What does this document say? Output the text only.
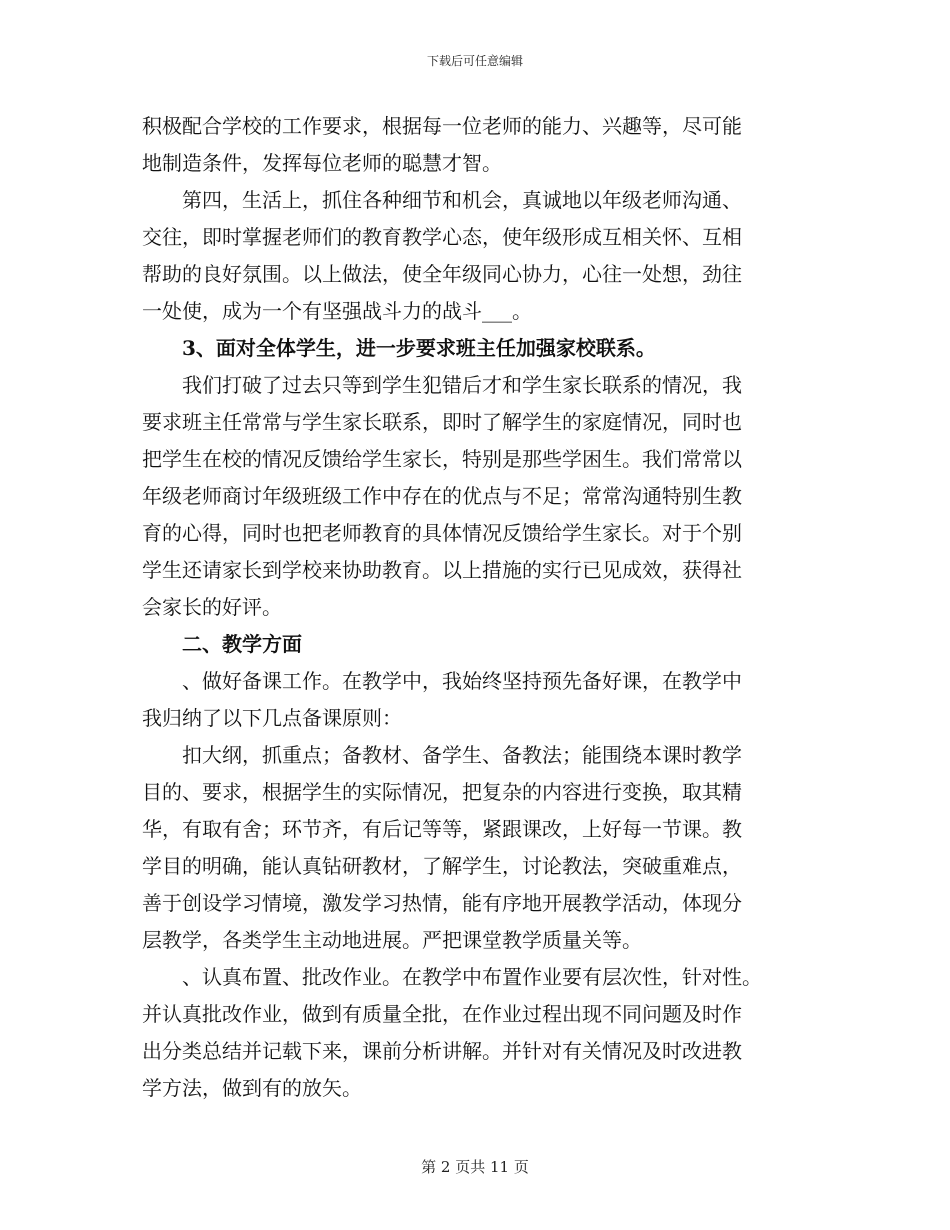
下载后可任意编辑
积极配合学校的工作要求，根据每一位老师的能力、兴趣等，尽可能
地制造条件，发挥每位老师的聪慧才智。
第四，生活上，抓住各种细节和机会，真诚地以年级老师沟通、
交往，即时掌握老师们的教育教学心态，使年级形成互相关怀、互相
帮助的良好氛围。以上做法，使全年级同心协力，心往一处想，劲往
一处使，成为一个有坚强战斗力的战斗___。
3、面对全体学生，进一步要求班主任加强家校联系。
我们打破了过去只等到学生犯错后才和学生家长联系的情况，我
要求班主任常常与学生家长联系，即时了解学生的家庭情况，同时也
把学生在校的情况反馈给学生家长，特别是那些学困生。我们常常以
年级老师商讨年级班级工作中存在的优点与不足；常常沟通特别生教
育的心得，同时也把老师教育的具体情况反馈给学生家长。对于个别
学生还请家长到学校来协助教育。以上措施的实行已见成效，获得社
会家长的好评。
二、教学方面
、做好备课工作。在教学中，我始终坚持预先备好课，在教学中
我归纳了以下几点备课原则：
扣大纲，抓重点；备教材、备学生、备教法；能围绕本课时教学
目的、要求，根据学生的实际情况，把复杂的内容进行变换，取其精
华，有取有舍；环节齐，有后记等等，紧跟课改，上好每一节课。教
学目的明确，能认真钻研教材，了解学生，讨论教法，突破重难点，
善于创设学习情境，激发学习热情，能有序地开展教学活动，体现分
层教学，各类学生主动地进展。严把课堂教学质量关等。
、认真布置、批改作业。在教学中布置作业要有层次性，针对性。
并认真批改作业，做到有质量全批，在作业过程出现不同问题及时作
出分类总结并记载下来，课前分析讲解。并针对有关情况及时改进教
学方法，做到有的放矢。
第 2 页共 11 页
